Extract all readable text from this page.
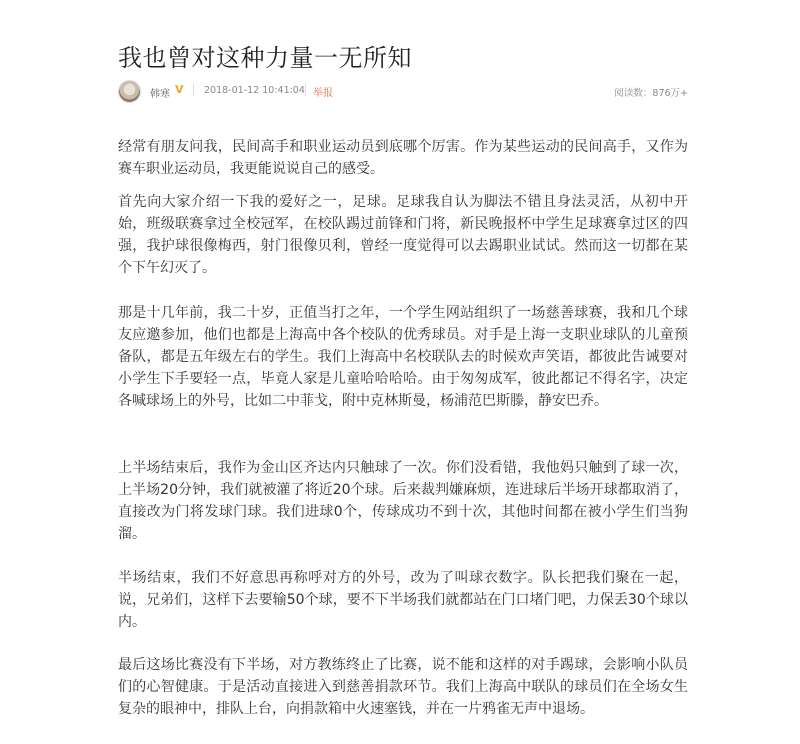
我也曾对这种力量一无所知
韩寒 V 2018-01-12 10:41:04 举报	阅读数：876万+

经常有朋友问我，民间高手和职业运动员到底哪个厉害。作为某些运动的民间高手，又作为赛车职业运动员，我更能说说自己的感受。

首先向大家介绍一下我的爱好之一，足球。足球我自认为脚法不错且身法灵活，从初中开始，班级联赛拿过全校冠军，在校队踢过前锋和门将，新民晚报杯中学生足球赛拿过区的四强，我护球很像梅西，射门很像贝利，曾经一度觉得可以去踢职业试试。然而这一切都在某个下午幻灭了。

那是十几年前，我二十岁，正值当打之年，一个学生网站组织了一场慈善球赛，我和几个球友应邀参加，他们也都是上海高中各个校队的优秀球员。对手是上海一支职业球队的儿童预备队，都是五年级左右的学生。我们上海高中名校联队去的时候欢声笑语，都彼此告诫要对小学生下手要轻一点，毕竟人家是儿童哈哈哈哈。由于匆匆成军，彼此都记不得名字，决定各喊球场上的外号，比如二中菲戈，附中克林斯曼，杨浦范巴斯滕，静安巴乔。

上半场结束后，我作为金山区齐达内只触球了一次。你们没看错，我他妈只触到了球一次，上半场20分钟，我们就被灌了将近20个球。后来裁判嫌麻烦，连进球后半场开球都取消了，直接改为门将发球门球。我们进球0个，传球成功不到十次，其他时间都在被小学生们当狗溜。

半场结束，我们不好意思再称呼对方的外号，改为了叫球衣数字。队长把我们聚在一起，说，兄弟们，这样下去要输50个球，要不下半场我们就都站在门口堵门吧，力保丢30个球以内。

最后这场比赛没有下半场，对方教练终止了比赛，说不能和这样的对手踢球，会影响小队员们的心智健康。于是活动直接进入到慈善捐款环节。我们上海高中联队的球员们在全场女生复杂的眼神中，排队上台，向捐款箱中火速塞钱，并在一片鸦雀无声中退场。
